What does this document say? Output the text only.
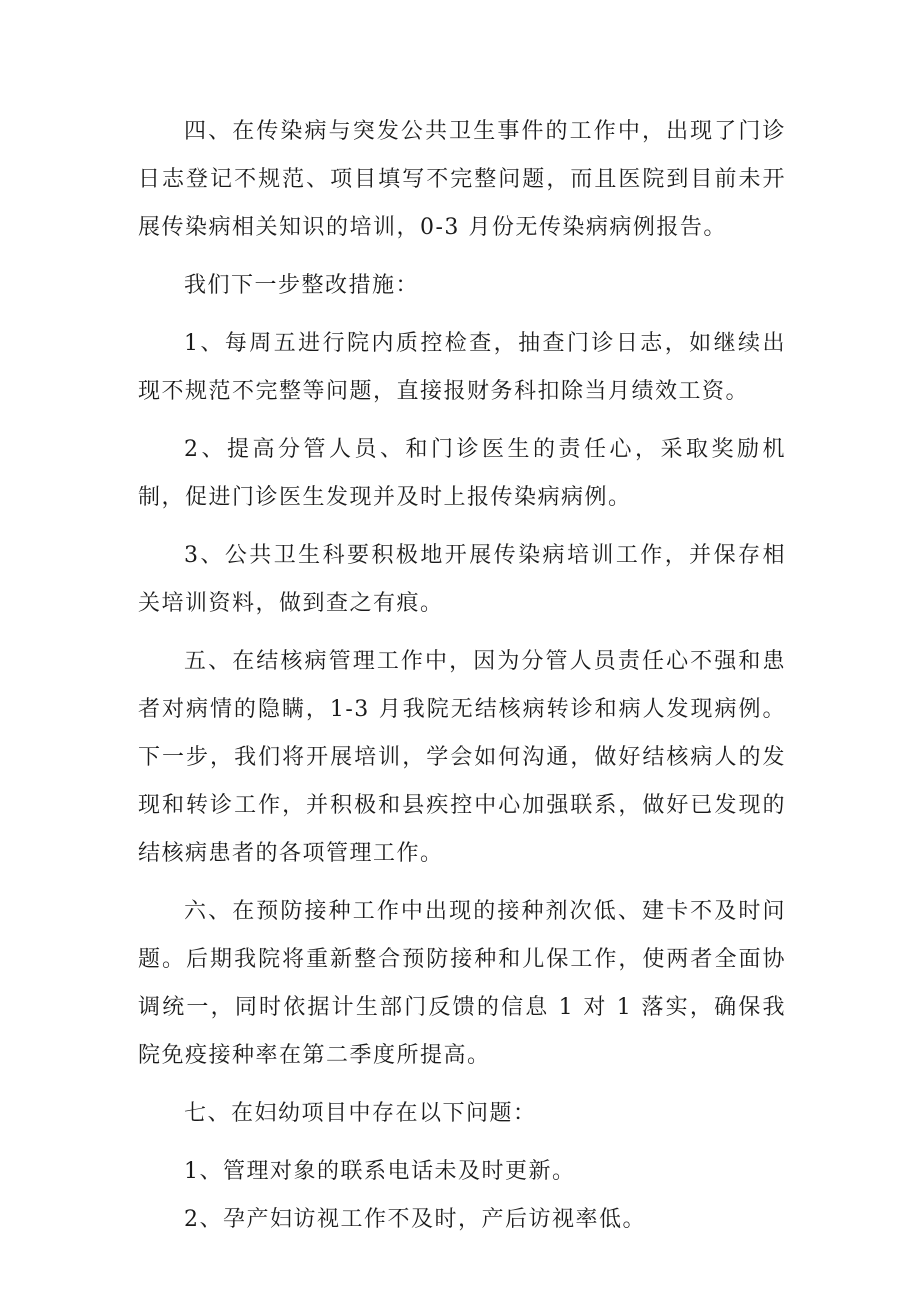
四、在传染病与突发公共卫生事件的工作中，出现了门诊日志登记不规范、项目填写不完整问题，而且医院到目前未开展传染病相关知识的培训，0-3 月份无传染病病例报告。

我们下一步整改措施：

1、每周五进行院内质控检查，抽查门诊日志，如继续出现不规范不完整等问题，直接报财务科扣除当月绩效工资。

2、提高分管人员、和门诊医生的责任心，采取奖励机制，促进门诊医生发现并及时上报传染病病例。

3、公共卫生科要积极地开展传染病培训工作，并保存相关培训资料，做到查之有痕。

五、在结核病管理工作中，因为分管人员责任心不强和患者对病情的隐瞒，1-3 月我院无结核病转诊和病人发现病例。下一步，我们将开展培训，学会如何沟通，做好结核病人的发现和转诊工作，并积极和县疾控中心加强联系，做好已发现的结核病患者的各项管理工作。

六、在预防接种工作中出现的接种剂次低、建卡不及时问题。后期我院将重新整合预防接种和儿保工作，使两者全面协调统一，同时依据计生部门反馈的信息 1 对 1 落实，确保我院免疫接种率在第二季度所提高。

七、在妇幼项目中存在以下问题：

1、管理对象的联系电话未及时更新。

2、孕产妇访视工作不及时，产后访视率低。
